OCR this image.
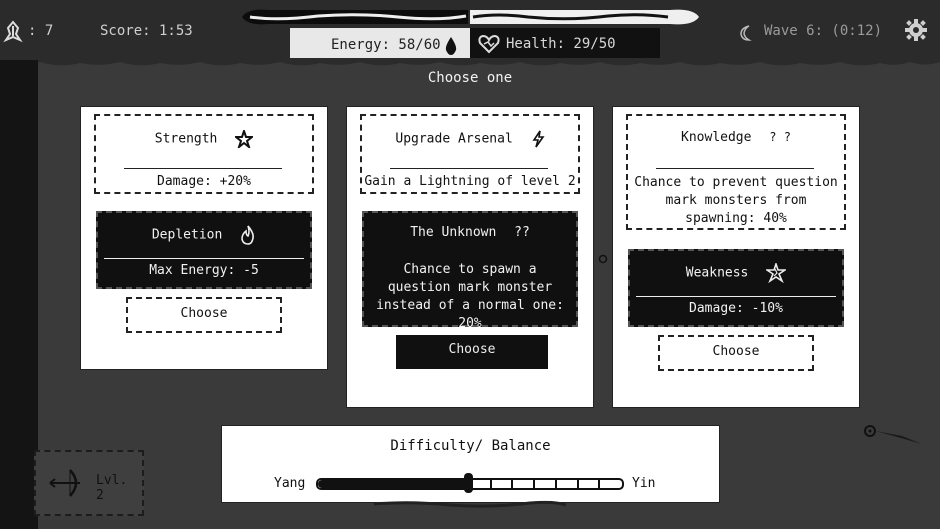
: 7	Score: 1:53
Energy: 58/60	Health: 29/50
Wave 6: (0:12)
Choose one
Strength
Damage: +20%
Depletion
Max Energy: -5
Choose
Upgrade Arsenal
Gain a Lightning of level 2
The Unknown ??
Chance to spawn a question mark monster instead of a normal one: 20%
Choose
Knowledge ? ?
Chance to prevent question mark monsters from spawning: 40%
Weakness
Damage: -10%
Choose
Difficulty/ Balance
Yang	Yin
Lvl. 2
